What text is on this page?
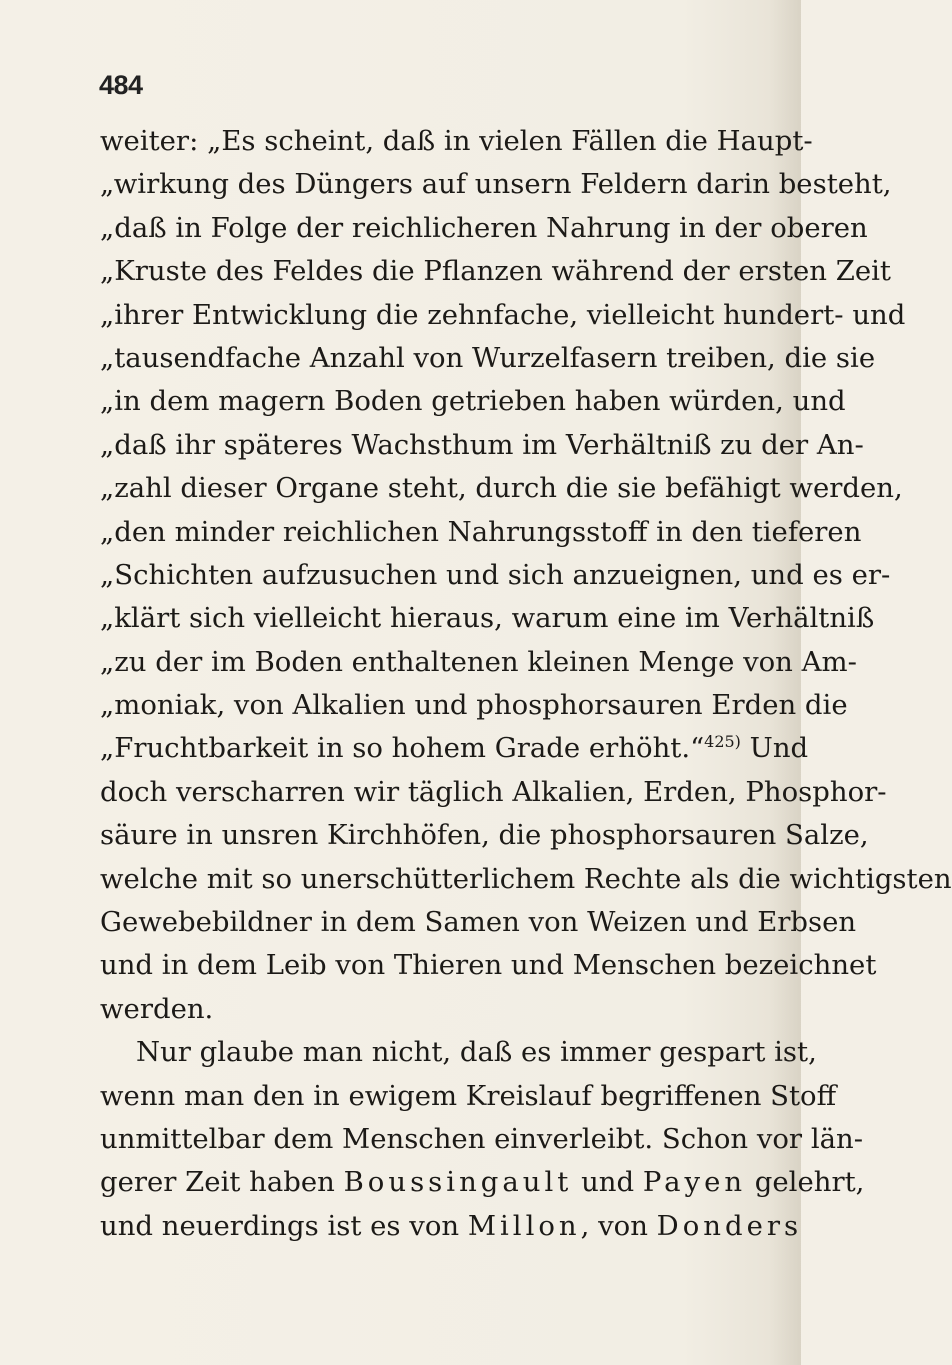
484
weiter: „Es scheint, daß in vielen Fällen die Haupt-
„wirkung des Düngers auf unsern Feldern darin besteht,
„daß in Folge der reichlicheren Nahrung in der oberen
„Kruste des Feldes die Pflanzen während der ersten Zeit
„ihrer Entwicklung die zehnfache, vielleicht hundert- und
„tausendfache Anzahl von Wurzelfasern treiben, die sie
„in dem magern Boden getrieben haben würden, und
„daß ihr späteres Wachsthum im Verhältniß zu der An-
„zahl dieser Organe steht, durch die sie befähigt werden,
„den minder reichlichen Nahrungsstoff in den tieferen
„Schichten aufzusuchen und sich anzueignen, und es er-
„klärt sich vielleicht hieraus, warum eine im Verhältniß
„zu der im Boden enthaltenen kleinen Menge von Am-
„moniak, von Alkalien und phosphorsauren Erden die
„Fruchtbarkeit in so hohem Grade erhöht.“$^{425)}$ Und
doch verscharren wir täglich Alkalien, Erden, Phosphor-
säure in unsren Kirchhöfen, die phosphorsauren Salze,
welche mit so unerschütterlichem Rechte als die wichtigsten
Gewebebildner in dem Samen von Weizen und Erbsen
und in dem Leib von Thieren und Menschen bezeichnet
werden.
Nur glaube man nicht, daß es immer gespart ist,
wenn man den in ewigem Kreislauf begriffenen Stoff
unmittelbar dem Menschen einverleibt. Schon vor län-
gerer Zeit haben Boussingault und Payen gelehrt,
und neuerdings ist es von Millon, von Donders
